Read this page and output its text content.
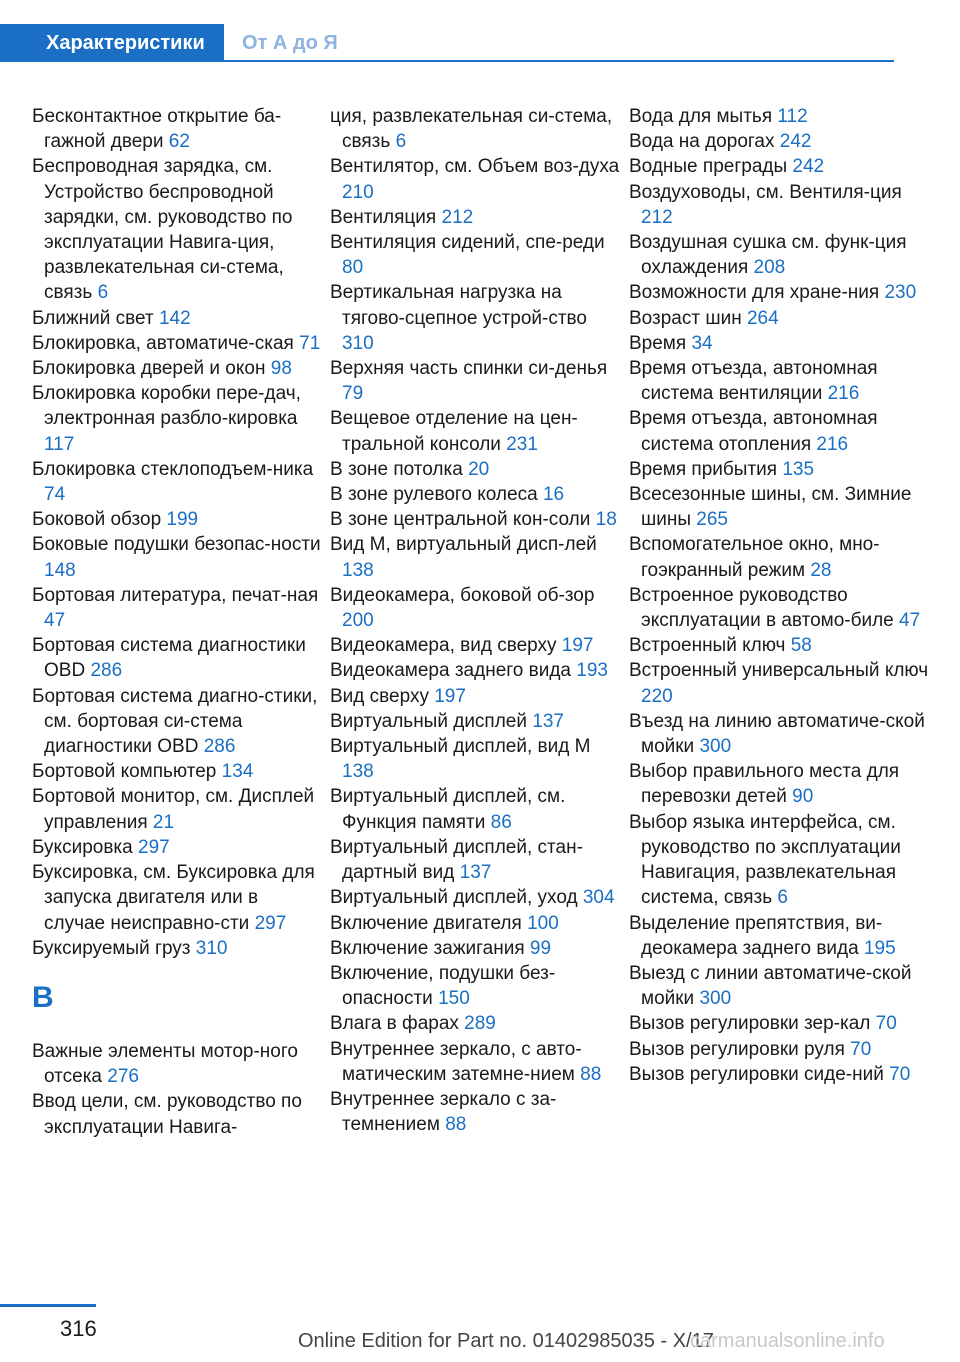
Характеристики	От А до Я
Бесконтактное открытие ба-гажной двери 62
Беспроводная зарядка, см. Устройство беспроводной зарядки, см. руководство по эксплуатации Навига-ция, развлекательная си-стема, связь 6
Ближний свет 142
Блокировка, автоматиче-ская 71
Блокировка дверей и окон 98
Блокировка коробки пере-дач, электронная разбло-кировка 117
Блокировка стеклоподъем-ника 74
Боковой обзор 199
Боковые подушки безопас-ности 148
Бортовая литература, печат-ная 47
Бортовая система диагностики OBD 286
Бортовая система диагно-стики, см. бортовая си-стема диагностики OBD 286
Бортовой компьютер 134
Бортовой монитор, см. Дисплей управления 21
Буксировка 297
Буксировка, см. Буксировка для запуска двигателя или в случае неисправно-сти 297
Буксируемый груз 310
В
Важные элементы мотор-ного отсека 276
Ввод цели, см. руководство по эксплуатации Навига-
ция, развлекательная си-стема, связь 6
Вентилятор, см. Объем воз-духа 210
Вентиляция 212
Вентиляция сидений, спе-реди 80
Вертикальная нагрузка на тягово-сцепное устрой-ство 310
Верхняя часть спинки си-денья 79
Вещевое отделение на цен-тральной консоли 231
В зоне потолка 20
В зоне рулевого колеса 16
В зоне центральной кон-соли 18
Вид M, виртуальный дисп-лей 138
Видеокамера, боковой об-зор 200
Видеокамера, вид сверху 197
Видеокамера заднего вида 193
Вид сверху 197
Виртуальный дисплей 137
Виртуальный дисплей, вид M 138
Виртуальный дисплей, см. Функция памяти 86
Виртуальный дисплей, стан-дартный вид 137
Виртуальный дисплей, уход 304
Включение двигателя 100
Включение зажигания 99
Включение, подушки без-опасности 150
Влага в фарах 289
Внутреннее зеркало, с авто-матическим затемне-нием 88
Внутреннее зеркало с за-темнением 88
Вода для мытья 112
Вода на дорогах 242
Водные преграды 242
Воздуховоды, см. Вентиля-ция 212
Воздушная сушка см. функ-ция охлаждения 208
Возможности для хране-ния 230
Возраст шин 264
Время 34
Время отъезда, автономная система вентиляции 216
Время отъезда, автономная система отопления 216
Время прибытия 135
Всесезонные шины, см. Зимние шины 265
Вспомогательное окно, мно-гоэкранный режим 28
Встроенное руководство эксплуатации в автомо-биле 47
Встроенный ключ 58
Встроенный универсальный ключ 220
Въезд на линию автоматиче-ской мойки 300
Выбор правильного места для перевозки детей 90
Выбор языка интерфейса, см. руководство по эксплуатации Навигация, развлекательная система, связь 6
Выделение препятствия, ви-деокамера заднего вида 195
Выезд с линии автоматиче-ской мойки 300
Вызов регулировки зер-кал 70
Вызов регулировки руля 70
Вызов регулировки сиде-ний 70
316	Online Edition for Part no. 01402985035 - X/17
carmanualsonline.info
